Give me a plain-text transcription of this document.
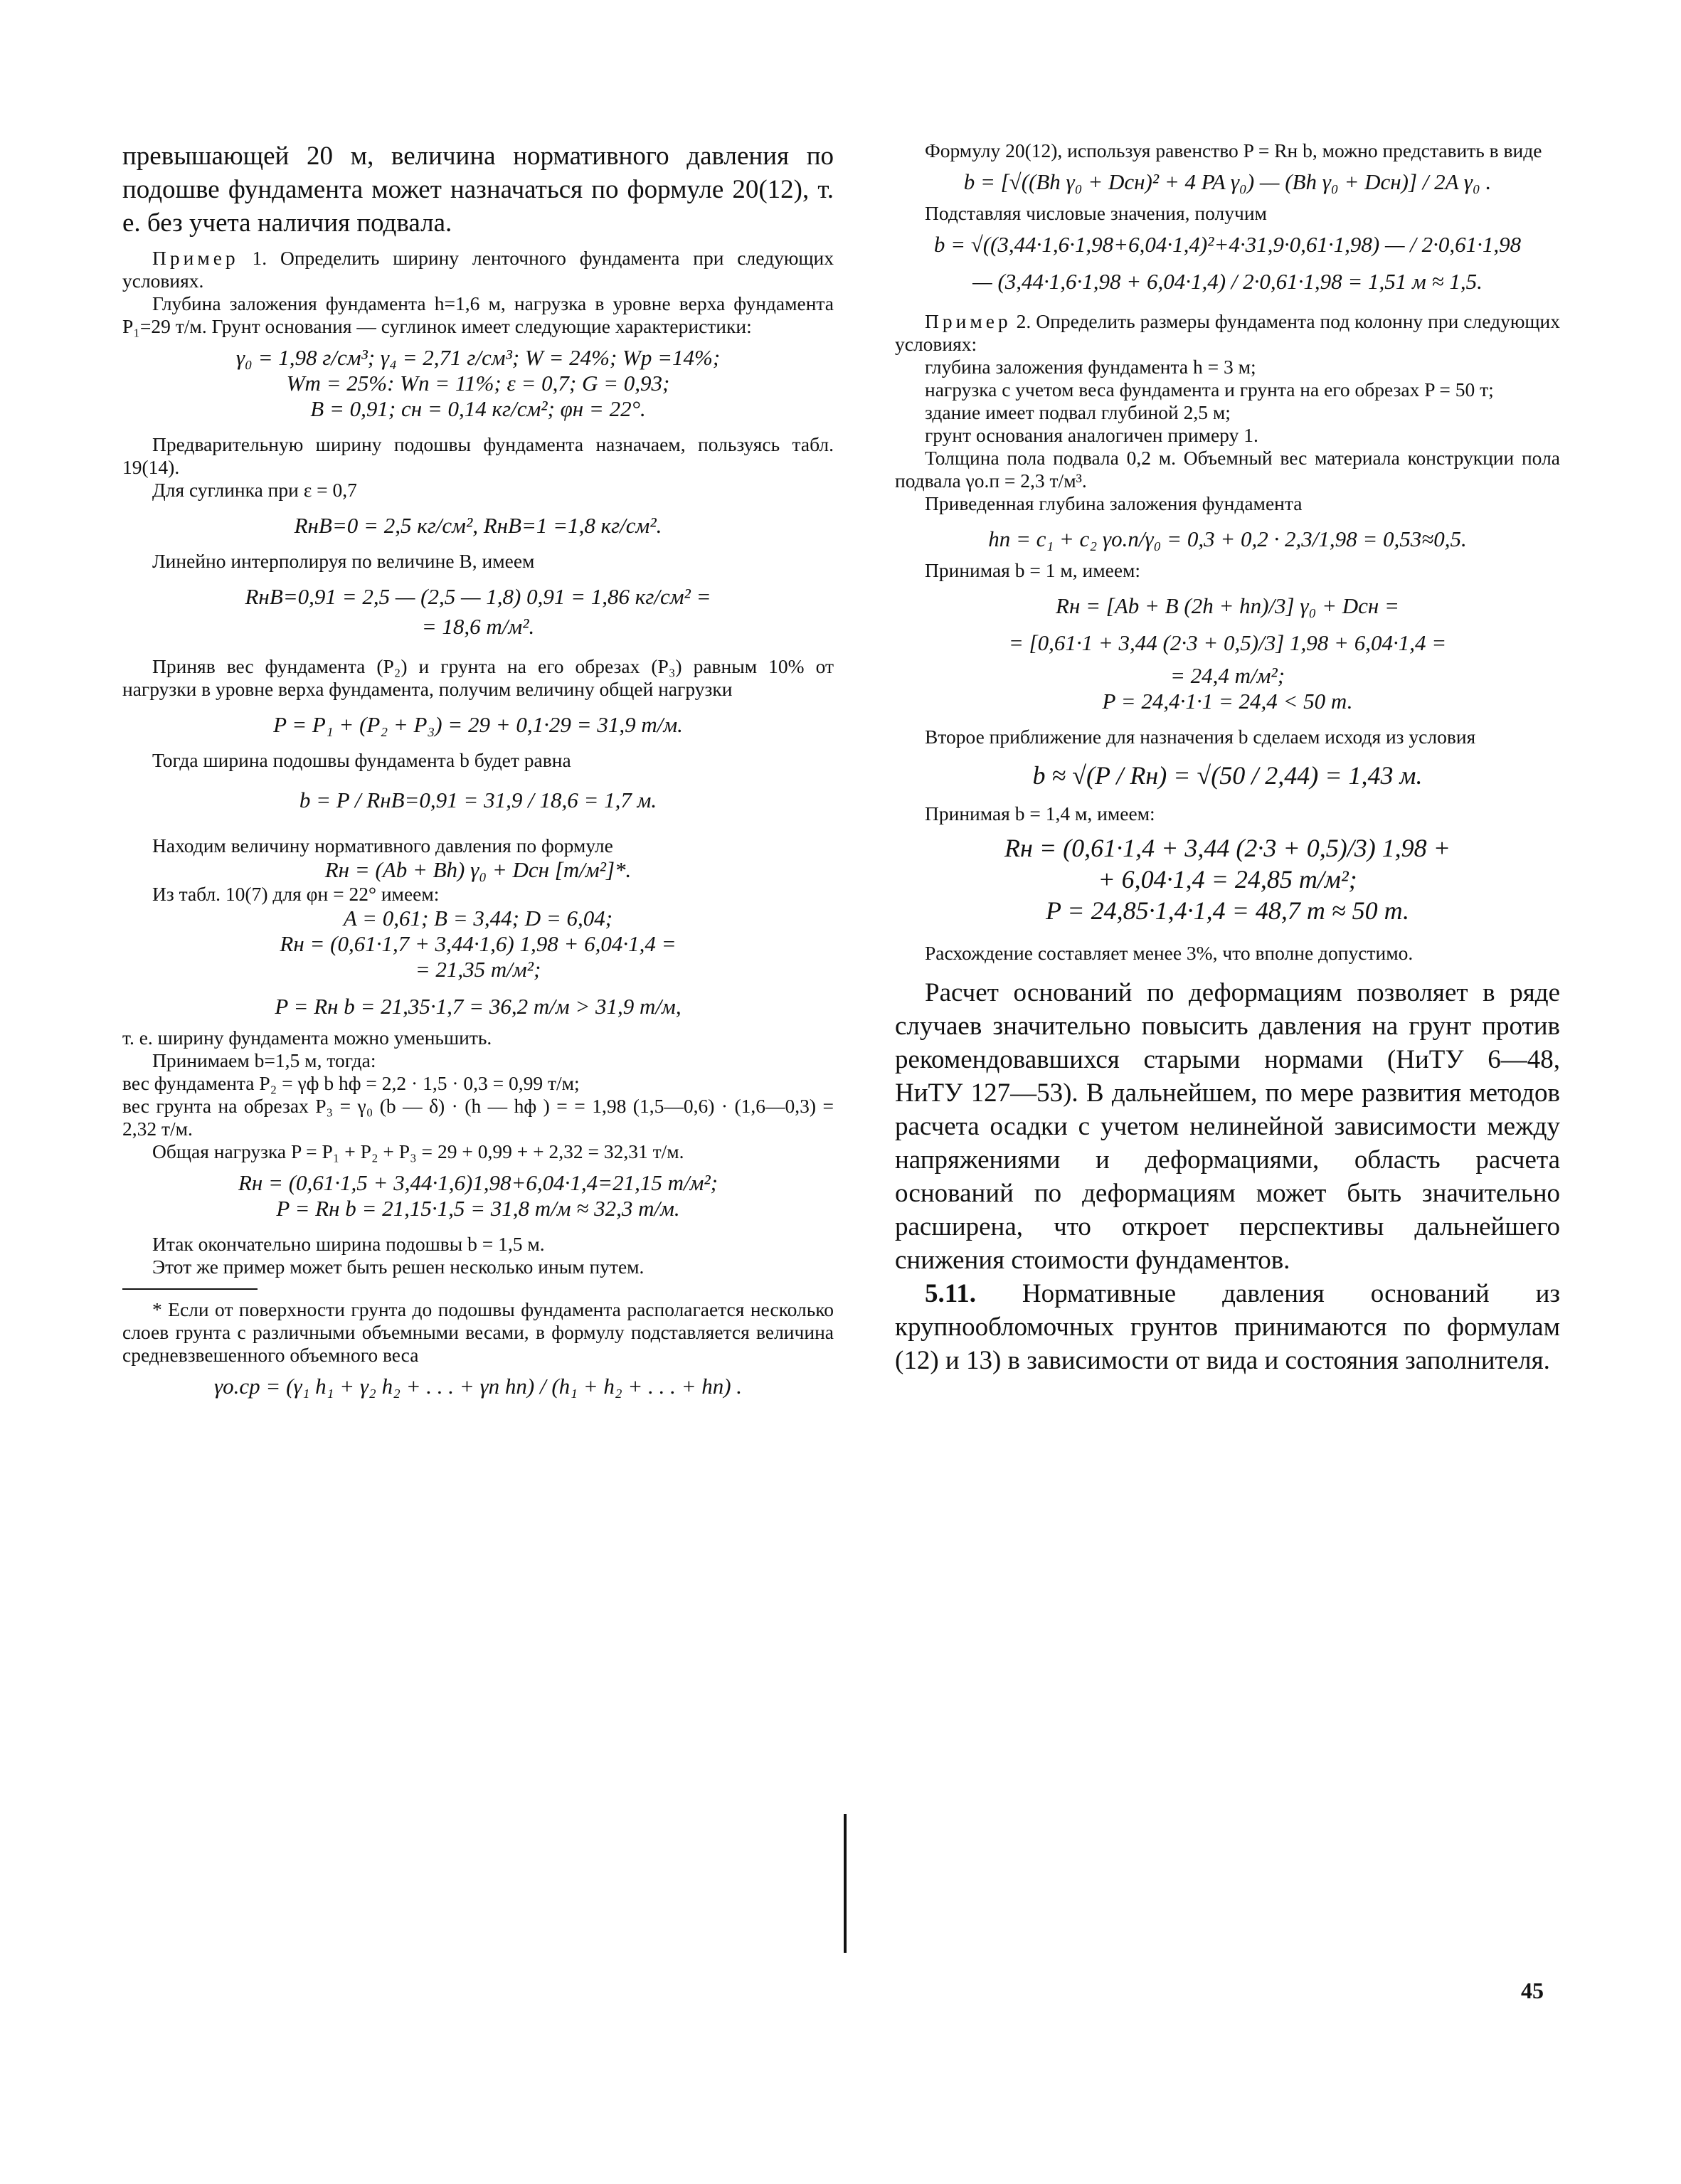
превышающей 20 м, величина нормативного давления по подошве фундамента может назначаться по формуле 20(12), т. е. без учета наличия подвала.

Пример 1. Определить ширину ленточного фундамента при следующих условиях.

Глубина заложения фундамента h=1,6 м, нагрузка в уровне верха фундамента P₁=29 т/м. Грунт основания — суглинок имеет следующие характеристики:

γ₀ = 1,98 г/см³; γ₄ = 2,71 г/см³; W = 24%; Wр =14%;

Wт = 25%: Wп = 11%; ε = 0,7; G = 0,93;

B = 0,91; cн = 0,14 кг/см²; φн = 22°.

Предварительную ширину подошвы фундамента назначаем, пользуясь табл. 19(14).

Для суглинка при ε = 0,7

RнB=0 = 2,5 кг/см², RнB=1 =1,8 кг/см².

Линейно интерполируя по величине B, имеем

RнB=0,91 = 2,5 — (2,5 — 1,8) 0,91 = 1,86 кг/см² =

= 18,6 т/м².

Приняв вес фундамента (P₂) и грунта на его обрезах (P₃) равным 10% от нагрузки в уровне верха фундамента, получим величину общей нагрузки

P = P₁ + (P₂ + P₃) = 29 + 0,1·29 = 31,9 т/м.

Тогда ширина подошвы фундамента b будет равна

b = P / RнB=0,91 = 31,9 / 18,6 = 1,7 м.

Находим величину нормативного давления по формуле

Rн = (Ab + Bh) γ₀ + Dcн [т/м²]*.

Из табл. 10(7) для φн = 22° имеем:

A = 0,61; B = 3,44; D = 6,04;

Rн = (0,61·1,7 + 3,44·1,6) 1,98 + 6,04·1,4 =

= 21,35 т/м²;

P = Rн b = 21,35·1,7 = 36,2 т/м > 31,9 т/м,

т. е. ширину фундамента можно уменьшить.

Принимаем b=1,5 м, тогда:

вес фундамента P₂ = γф b hф = 2,2 · 1,5 · 0,3 = 0,99 т/м;

вес грунта на обрезах P₃ = γ₀ (b — δ) · (h — hф ) = = 1,98 (1,5—0,6) · (1,6—0,3) = 2,32 т/м.

Общая нагрузка P = P₁ + P₂ + P₃ = 29 + 0,99 + + 2,32 = 32,31 т/м.

Rн = (0,61·1,5 + 3,44·1,6)1,98+6,04·1,4=21,15 т/м²;

P = Rн b = 21,15·1,5 = 31,8 т/м ≈ 32,3 т/м.

Итак окончательно ширина подошвы b = 1,5 м.

Этот же пример может быть решен несколько иным путем.

* Если от поверхности грунта до подошвы фундамента располагается несколько слоев грунта с различными объемными весами, в формулу подставляется величина средневзвешенного объемного веса

γо.ср = (γ₁ h₁ + γ₂ h₂ + . . . + γn hn) / (h₁ + h₂ + . . . + hn) .

Формулу 20(12), используя равенство P = Rн b, можно представить в виде

b = [√((Bh γ₀ + Dcн)² + 4 PA γ₀) — (Bh γ₀ + Dcн)] / 2A γ₀ .

Подставляя числовые значения, получим

b = √((3,44·1,6·1,98+6,04·1,4)²+4·31,9·0,61·1,98) — / 2·0,61·1,98

— (3,44·1,6·1,98 + 6,04·1,4) / 2·0,61·1,98 = 1,51 м ≈ 1,5.

Пример 2. Определить размеры фундамента под колонну при следующих условиях:

глубина заложения фундамента h = 3 м;

нагрузка с учетом веса фундамента и грунта на его обрезах P = 50 т;

здание имеет подвал глубиной 2,5 м;

грунт основания аналогичен примеру 1.

Толщина пола подвала 0,2 м. Объемный вес материала конструкции пола подвала γо.п = 2,3 т/м³.

Приведенная глубина заложения фундамента

hп = c₁ + c₂ γо.п/γ₀ = 0,3 + 0,2 · 2,3/1,98 = 0,53≈0,5.

Принимая b = 1 м, имеем:

Rн = [Ab + B (2h + hп)/3] γ₀ + Dcн =

= [0,61·1 + 3,44 (2·3 + 0,5)/3] 1,98 + 6,04·1,4 =

= 24,4 т/м²;

P = 24,4·1·1 = 24,4 < 50 т.

Второе приближение для назначения b сделаем исходя из условия

b ≈ √(P / Rн) = √(50 / 2,44) = 1,43 м.

Принимая b = 1,4 м, имеем:

Rн = (0,61·1,4 + 3,44 (2·3 + 0,5)/3) 1,98 +

+ 6,04·1,4 = 24,85 т/м²;

P = 24,85·1,4·1,4 = 48,7 т ≈ 50 т.

Расхождение составляет менее 3%, что вполне допустимо.

Расчет оснований по деформациям позволяет в ряде случаев значительно повысить давления на грунт против рекомендовавшихся старыми нормами (НиТУ 6—48, НиТУ 127—53). В дальнейшем, по мере развития методов расчета осадки с учетом нелинейной зависимости между напряжениями и деформациями, область расчета оснований по деформациям может быть значительно расширена, что откроет перспективы дальнейшего снижения стоимости фундаментов.

5.11. Нормативные давления оснований из крупнообломочных грунтов принимаются по формулам (12) и 13) в зависимости от вида и состояния заполнителя.

45
